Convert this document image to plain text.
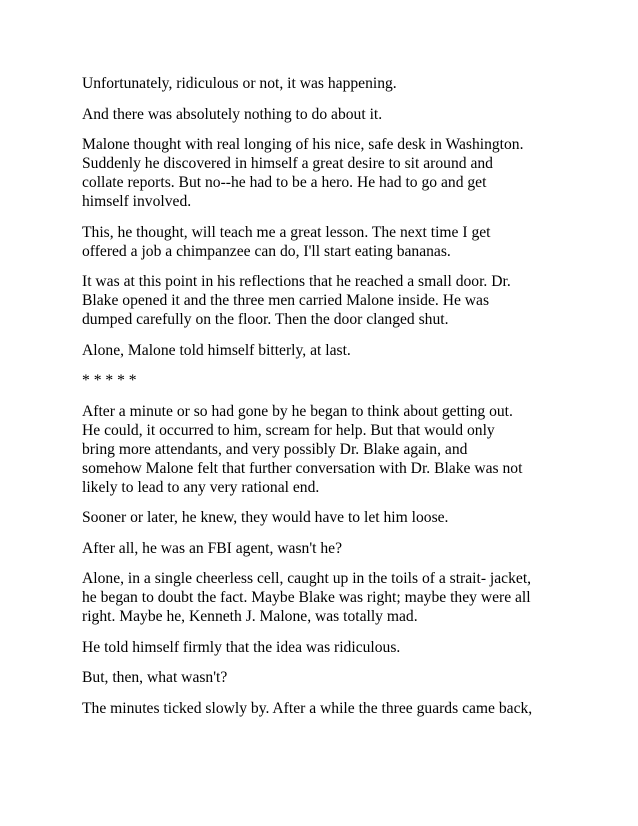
Unfortunately, ridiculous or not, it was happening.

And there was absolutely nothing to do about it.

Malone thought with real longing of his nice, safe desk in Washington.
Suddenly he discovered in himself a great desire to sit around and
collate reports. But no--he had to be a hero. He had to go and get
himself involved.

This, he thought, will teach me a great lesson. The next time I get
offered a job a chimpanzee can do, I'll start eating bananas.

It was at this point in his reflections that he reached a small door. Dr.
Blake opened it and the three men carried Malone inside. He was
dumped carefully on the floor. Then the door clanged shut.

Alone, Malone told himself bitterly, at last.

* * * * *

After a minute or so had gone by he began to think about getting out.
He could, it occurred to him, scream for help. But that would only
bring more attendants, and very possibly Dr. Blake again, and
somehow Malone felt that further conversation with Dr. Blake was not
likely to lead to any very rational end.

Sooner or later, he knew, they would have to let him loose.

After all, he was an FBI agent, wasn't he?

Alone, in a single cheerless cell, caught up in the toils of a strait- jacket,
he began to doubt the fact. Maybe Blake was right; maybe they were all
right. Maybe he, Kenneth J. Malone, was totally mad.

He told himself firmly that the idea was ridiculous.

But, then, what wasn't?

The minutes ticked slowly by. After a while the three guards came back,
